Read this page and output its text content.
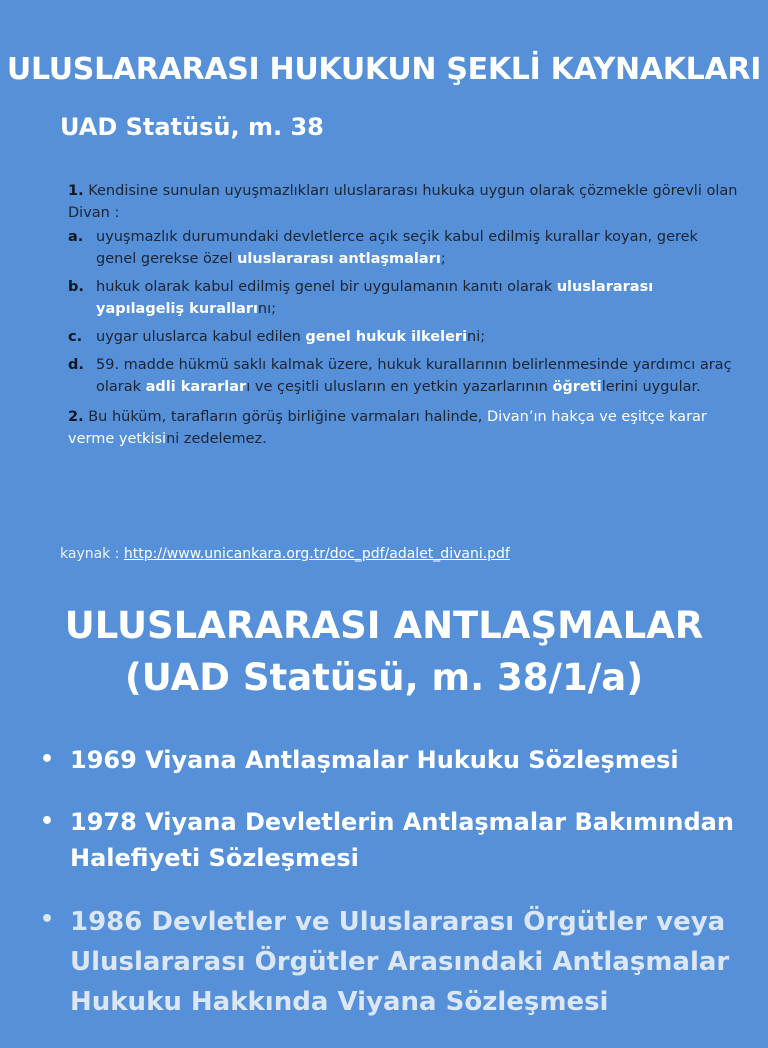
ULUSLARARASI HUKUKUN ŞEKLİ KAYNAKLARI
UAD Statüsü, m. 38

1. Kendisine sunulan uyuşmazlıkları uluslararası hukuka uygun olarak çözmekle görevli olan Divan :

a. uyuşmazlık durumundaki devletlerce açık seçik kabul edilmiş kurallar koyan, gerek genel gerekse özel uluslararası antlaşmaları;
b. hukuk olarak kabul edilmiş genel bir uygulamanın kanıtı olarak uluslararası yapılageliş kurallarını;
c. uygar uluslarca kabul edilen genel hukuk ilkelerini;
d. 59. madde hükmü saklı kalmak üzere, hukuk kurallarının belirlenmesinde yardımcı araç olarak adli kararları ve çeşitli ulusların en yetkin yazarlarının öğretilerini uygular.

2. Bu hüküm, tarafların görüş birliğine varmaları halinde, Divan’ın hakça ve eşitçe karar verme yetkisini zedelemez.

kaynak : http://www.unicankara.org.tr/doc_pdf/adalet_divani.pdf
ULUSLARARASI ANTLAŞMALAR
(UAD Statüsü, m. 38/1/a)
• 1969 Viyana Antlaşmalar Hukuku Sözleşmesi
• 1978 Viyana Devletlerin Antlaşmalar Bakımından Halefiyeti Sözleşmesi
• 1986 Devletler ve Uluslararası Örgütler veya Uluslararası Örgütler Arasındaki Antlaşmalar Hukuku Hakkında Viyana Sözleşmesi
